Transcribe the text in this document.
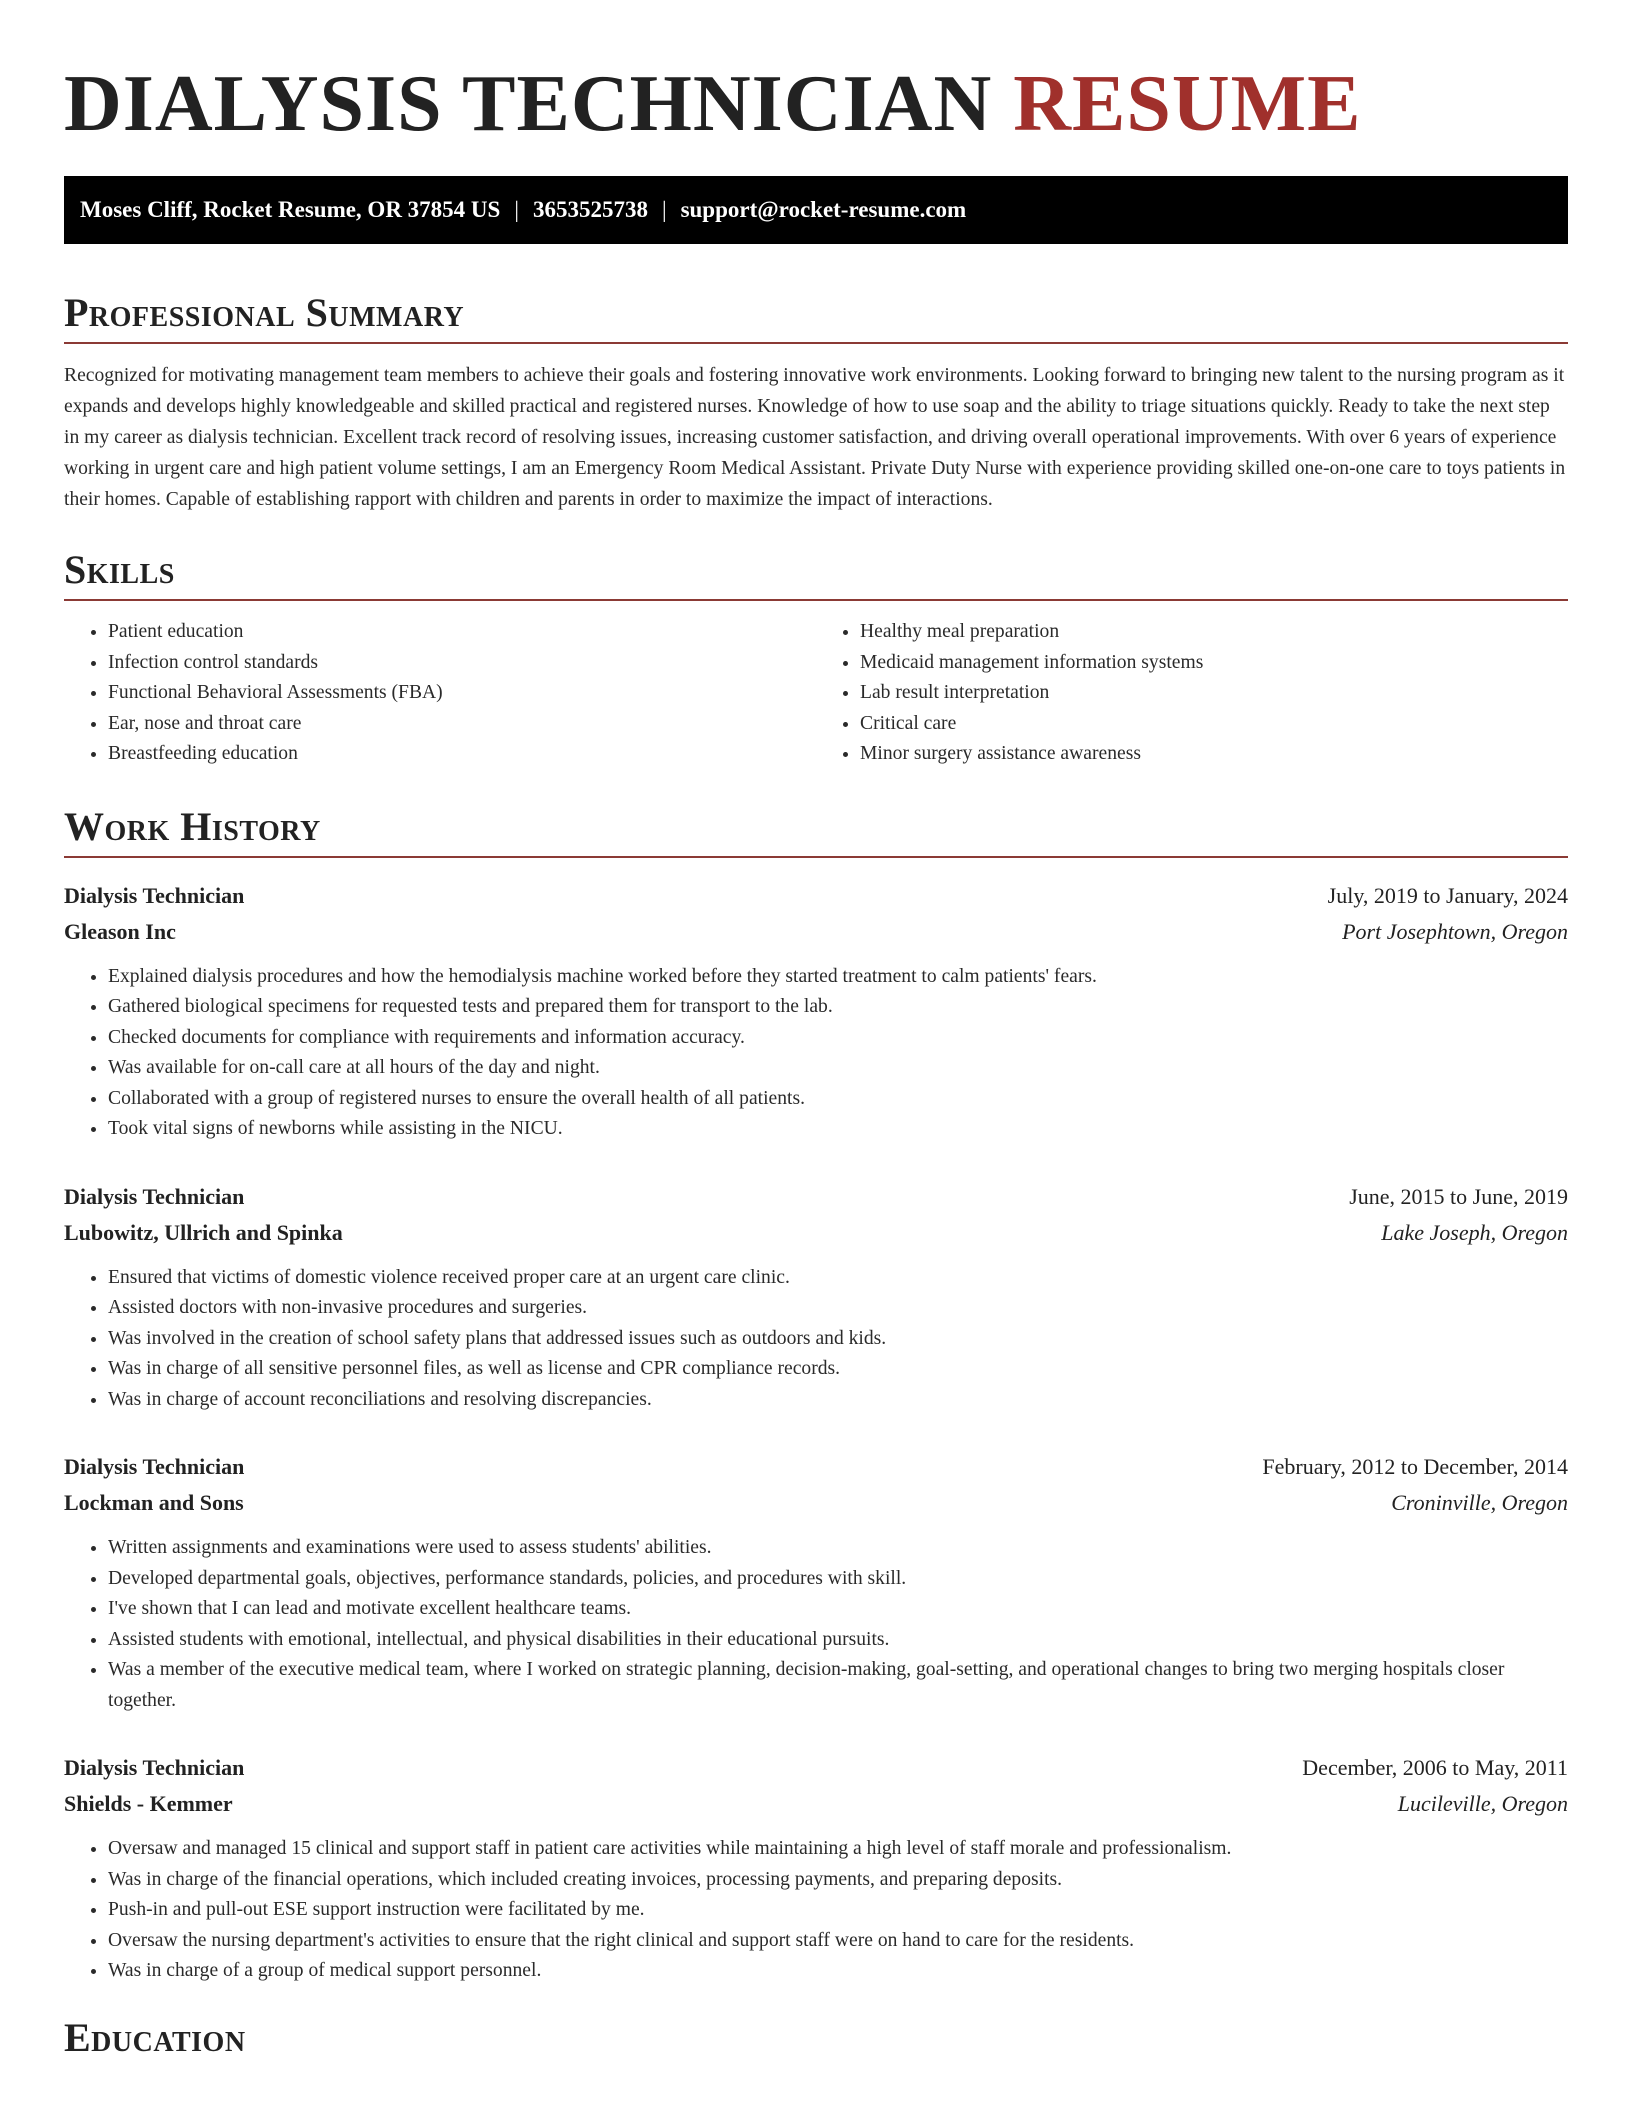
DIALYSIS TECHNICIAN RESUME
Moses Cliff, Rocket Resume, OR 37854 US | 3653525738 | support@rocket-resume.com
Professional Summary

Recognized for motivating management team members to achieve their goals and fostering innovative work environments. Looking forward to bringing new talent to the nursing program as it expands and develops highly knowledgeable and skilled practical and registered nurses. Knowledge of how to use soap and the ability to triage situations quickly. Ready to take the next step in my career as dialysis technician. Excellent track record of resolving issues, increasing customer satisfaction, and driving overall operational improvements. With over 6 years of experience working in urgent care and high patient volume settings, I am an Emergency Room Medical Assistant. Private Duty Nurse with experience providing skilled one-on-one care to toys patients in their homes. Capable of establishing rapport with children and parents in order to maximize the impact of interactions.

Skills
• Patient education
• Infection control standards
• Functional Behavioral Assessments (FBA)
• Ear, nose and throat care
• Breastfeeding education
• Healthy meal preparation
• Medicaid management information systems
• Lab result interpretation
• Critical care
• Minor surgery assistance awareness
Work History
Dialysis Technician	July, 2019 to January, 2024
Gleason Inc	Port Josephtown, Oregon
• Explained dialysis procedures and how the hemodialysis machine worked before they started treatment to calm patients' fears.
• Gathered biological specimens for requested tests and prepared them for transport to the lab.
• Checked documents for compliance with requirements and information accuracy.
• Was available for on-call care at all hours of the day and night.
• Collaborated with a group of registered nurses to ensure the overall health of all patients.
• Took vital signs of newborns while assisting in the NICU.
Dialysis Technician	June, 2015 to June, 2019
Lubowitz, Ullrich and Spinka	Lake Joseph, Oregon
• Ensured that victims of domestic violence received proper care at an urgent care clinic.
• Assisted doctors with non-invasive procedures and surgeries.
• Was involved in the creation of school safety plans that addressed issues such as outdoors and kids.
• Was in charge of all sensitive personnel files, as well as license and CPR compliance records.
• Was in charge of account reconciliations and resolving discrepancies.
Dialysis Technician	February, 2012 to December, 2014
Lockman and Sons	Croninville, Oregon
• Written assignments and examinations were used to assess students' abilities.
• Developed departmental goals, objectives, performance standards, policies, and procedures with skill.
• I've shown that I can lead and motivate excellent healthcare teams.
• Assisted students with emotional, intellectual, and physical disabilities in their educational pursuits.
• Was a member of the executive medical team, where I worked on strategic planning, decision-making, goal-setting, and operational changes to bring two merging hospitals closer together.
Dialysis Technician	December, 2006 to May, 2011
Shields - Kemmer	Lucileville, Oregon
• Oversaw and managed 15 clinical and support staff in patient care activities while maintaining a high level of staff morale and professionalism.
• Was in charge of the financial operations, which included creating invoices, processing payments, and preparing deposits.
• Push-in and pull-out ESE support instruction were facilitated by me.
• Oversaw the nursing department's activities to ensure that the right clinical and support staff were on hand to care for the residents.
• Was in charge of a group of medical support personnel.
Education
